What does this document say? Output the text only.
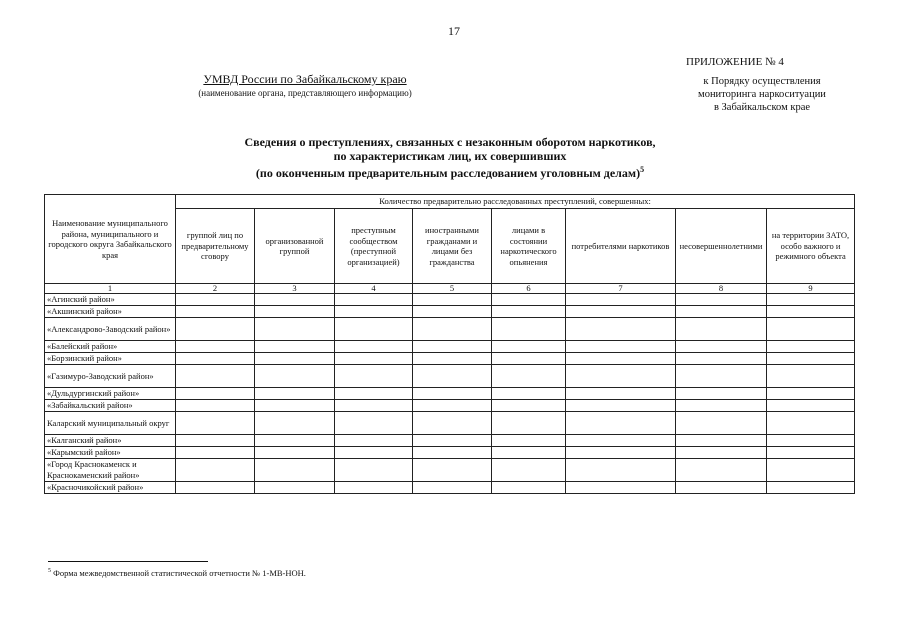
17
ПРИЛОЖЕНИЕ № 4
к Порядку осуществления
мониторинга наркоситуации
в Забайкальском крае
УМВД России по Забайкальскому краю
(наименование органа, представляющего информацию)
Сведения о преступлениях, связанных с незаконным оборотом наркотиков,
по характеристикам лиц, их совершивших
(по оконченным предварительным расследованием уголовным делам)$^5$
Наименование муниципального района, муниципального и городского округа Забайкальского края	Количество предварительно расследованных преступлений, совершенных:							
	группой лиц по предварительному сговору	организованной группой	преступным сообществом (преступной организацией)	иностранными гражданами и лицами без гражданства	лицами в состоянии наркотического опьянения	потребителями наркотиков	несовершеннолетними	на территории ЗАТО, особо важного и режимного объекта
1	2	3	4	5	6	7	8	9
«Агинский район»								
«Акшинский район»								
«Александрово-Заводский район»								
«Балейский район»								
«Борзинский район»								
«Газимуро-Заводский район»								
«Дульдургинский район»								
«Забайкальский район»								
Каларский муниципальный округ								
«Калганский район»								
«Карымский район»								
«Город Краснокаменск и Краснокаменский район»								
«Красночикойский район»								
$^5$ Форма межведомственной статистической отчетности № 1-МВ-НОН.
